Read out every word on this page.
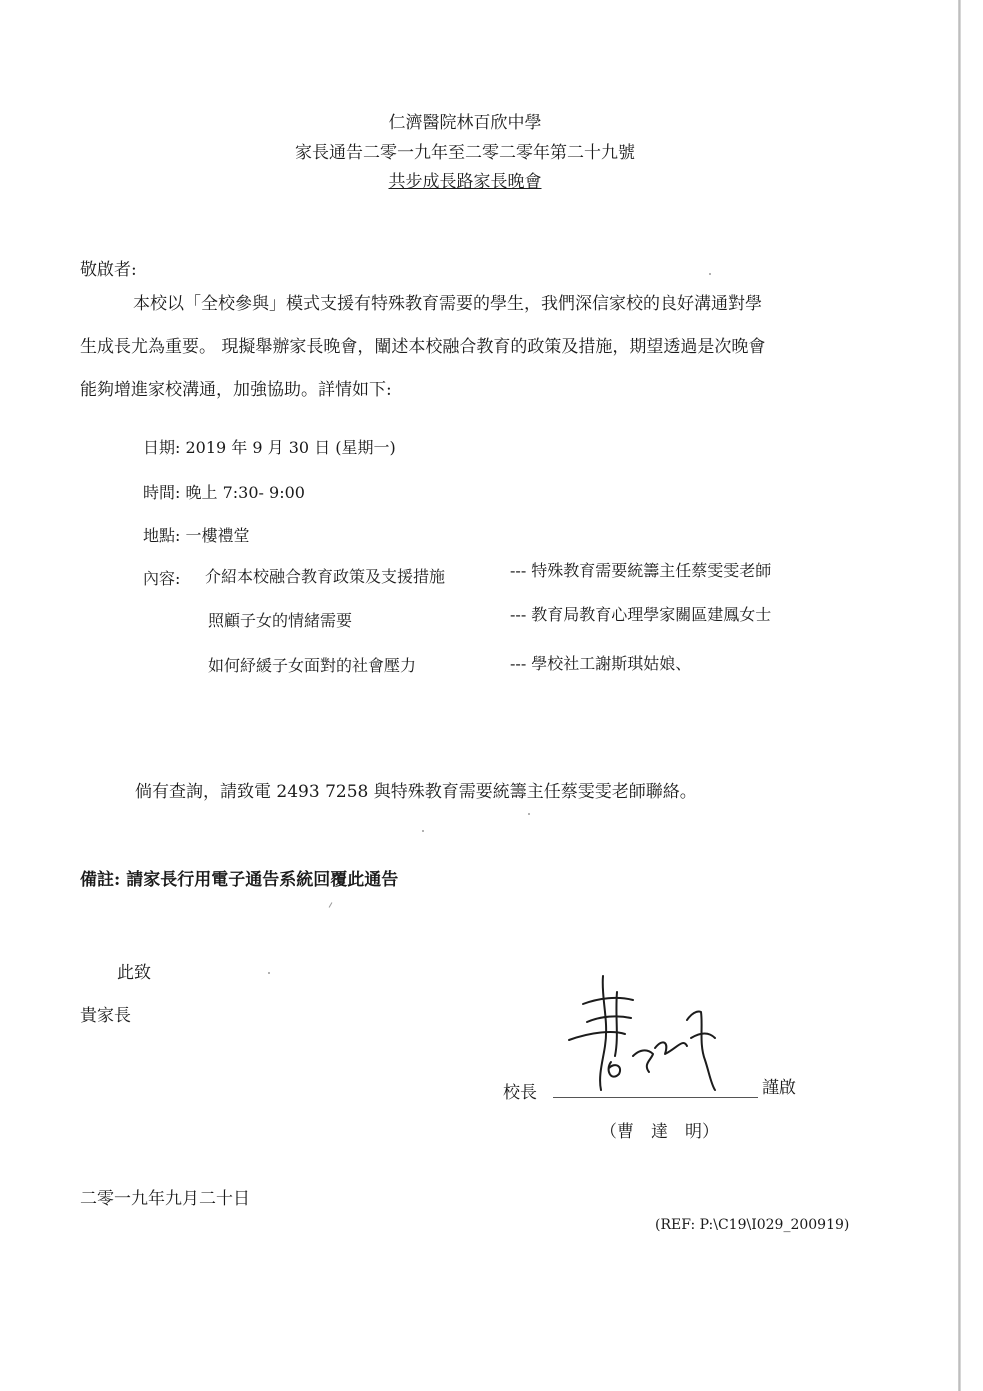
仁濟醫院林百欣中學
家長通告二零一九年至二零二零年第二十九號
共步成長路家長晚會
敬啟者:
本校以「全校參與」模式支援有特殊教育需要的學生，我們深信家校的良好溝通對學
生成長尤為重要。 現擬舉辦家長晚會，闡述本校融合教育的政策及措施，期望透過是次晚會
能夠增進家校溝通，加強協助。詳情如下:
日期: 2019 年 9 月 30 日 (星期一)
時間: 晚上 7:30- 9:00
地點: 一樓禮堂
內容: 介紹本校融合教育政策及支援措施	--- 特殊教育需要統籌主任蔡雯雯老師
照顧子女的情緒需要	--- 教育局教育心理學家關區建鳳女士
如何紓緩子女面對的社會壓力	--- 學校社工謝斯琪姑娘、
倘有查詢，請致電 2493 7258 與特殊教育需要統籌主任蔡雯雯老師聯絡。
備註: 請家長行用電子通告系統回覆此通告
此致
貴家長
校長	謹啟
（曹　達　明）
二零一九年九月二十日
(REF: P:\C19\I029_200919)
